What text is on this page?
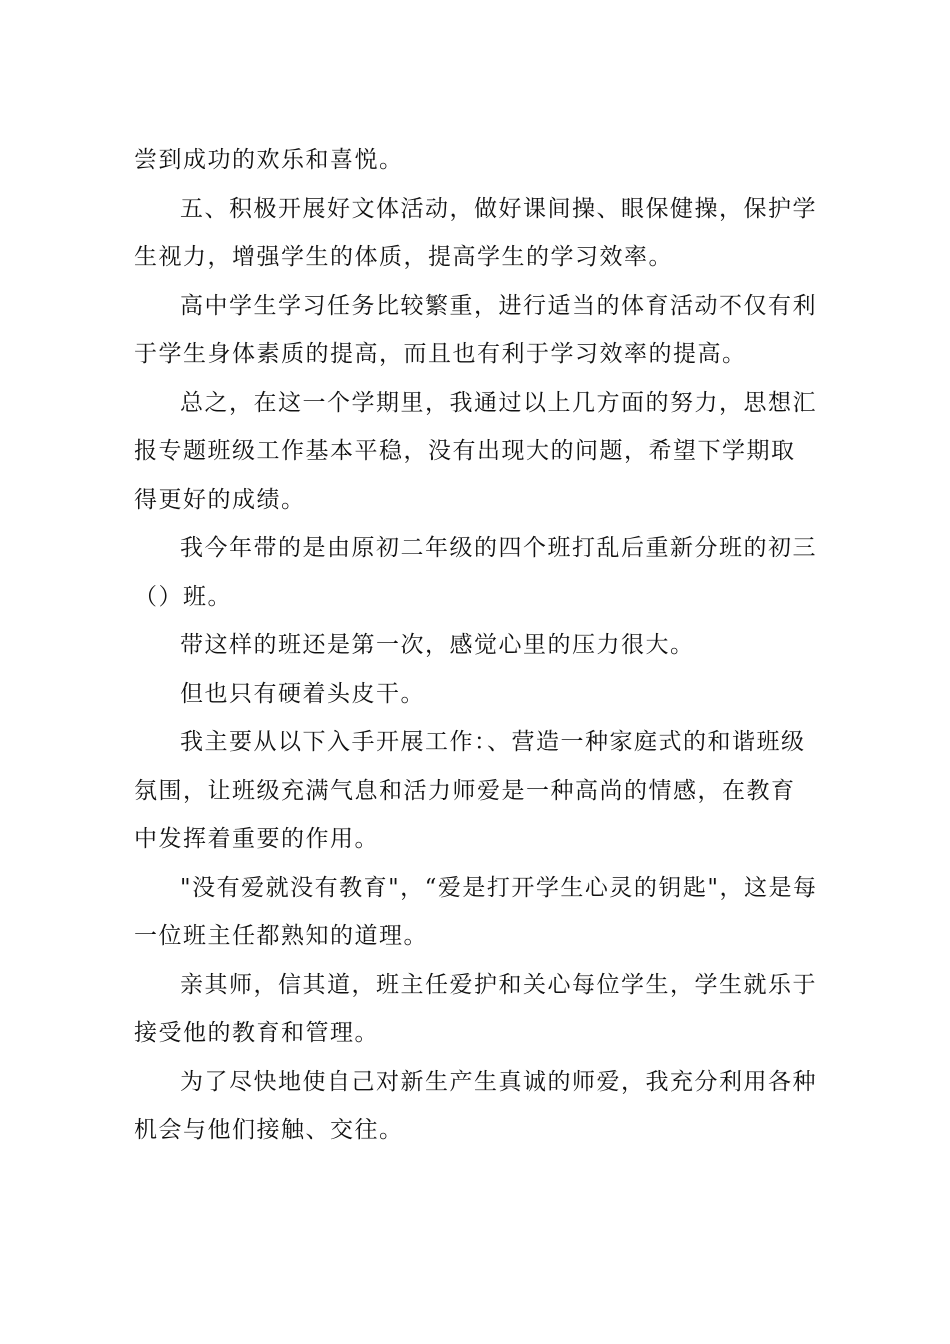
尝到成功的欢乐和喜悦。

五、积极开展好文体活动，做好课间操、眼保健操，保护学生视力，增强学生的体质，提高学生的学习效率。

高中学生学习任务比较繁重，进行适当的体育活动不仅有利于学生身体素质的提高，而且也有利于学习效率的提高。

总之，在这一个学期里，我通过以上几方面的努力，思想汇报专题班级工作基本平稳，没有出现大的问题，希望下学期取得更好的成绩。

我今年带的是由原初二年级的四个班打乱后重新分班的初三（）班。

带这样的班还是第一次，感觉心里的压力很大。

但也只有硬着头皮干。

我主要从以下入手开展工作：、营造一种家庭式的和谐班级氛围，让班级充满气息和活力师爱是一种高尚的情感，在教育中发挥着重要的作用。

"没有爱就没有教育"，“爱是打开学生心灵的钥匙"，这是每一位班主任都熟知的道理。

亲其师，信其道，班主任爱护和关心每位学生，学生就乐于接受他的教育和管理。

为了尽快地使自己对新生产生真诚的师爱，我充分利用各种机会与他们接触、交往。
